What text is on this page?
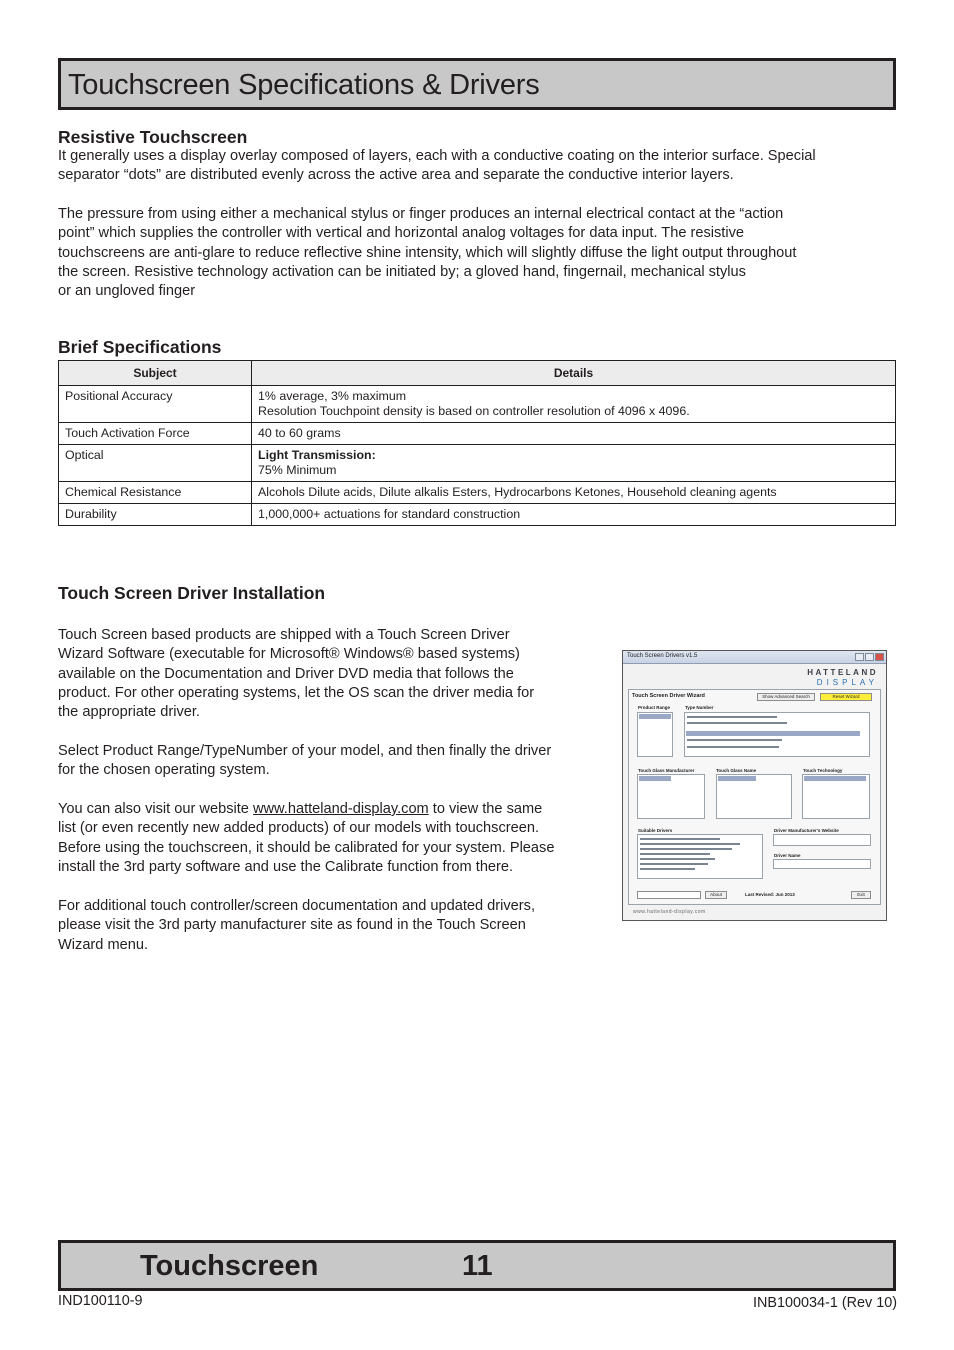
Touchscreen Specifications & Drivers
Resistive Touchscreen
It generally uses a display overlay composed of layers, each with a conductive coating on the interior surface. Special
separator “dots” are distributed evenly across the active area and separate the conductive interior layers.
The pressure from using either a mechanical stylus or finger produces an internal electrical contact at the “action
point” which supplies the controller with vertical and horizontal analog voltages for data input. The resistive
touchscreens are anti-glare to reduce reflective shine intensity, which will slightly diffuse the light output throughout
the screen. Resistive technology activation can be initiated by; a gloved hand, fingernail, mechanical stylus
or an ungloved finger
Brief Specifications
Subject	Details
Positional Accuracy	1% average, 3% maximum
Resolution Touchpoint density is based on controller resolution of 4096 x 4096.

Touch Activation Force	40 to 60 grams
Optical	Light Transmission:
75% Minimum

Chemical Resistance	Alcohols Dilute acids, Dilute alkalis Esters, Hydrocarbons Ketones, Household cleaning agents
Durability	1,000,000+ actuations for standard construction
Touch Screen Driver Installation
Touch Screen based products are shipped with a Touch Screen Driver
Wizard Software (executable for Microsoft® Windows® based systems)
available on the Documentation and Driver DVD media that follows the
product. For other operating systems, let the OS scan the driver media for
the appropriate driver.
Select Product Range/TypeNumber of your model, and then finally the driver
for the chosen operating system.
You can also visit our website www.hatteland-display.com to view the same
list (or even recently new added products) of our models with touchscreen.
Before using the touchscreen, it should be calibrated for your system. Please
install the 3rd party software and use the Calibrate function from there.
For additional touch controller/screen documentation and updated drivers,
please visit the 3rd party manufacturer site as found in the Touch Screen
Wizard menu.
Touch Screen Drivers v1.5
HATTELAND
DISPLAY
Touch Screen Driver Wizard	Show Advanced Search	Reset Wizard
Product Range	Type Number
Touch Glass Manufacturer	Touch Glass Name	Touch Technology
Suitable Drivers	Driver Manufacturer's Website
Driver Name
About	Last Revised: Jun 2013	Exit
www.hatteland-display.com
Touchscreen	11
IND100110-9	INB100034-1 (Rev 10)
